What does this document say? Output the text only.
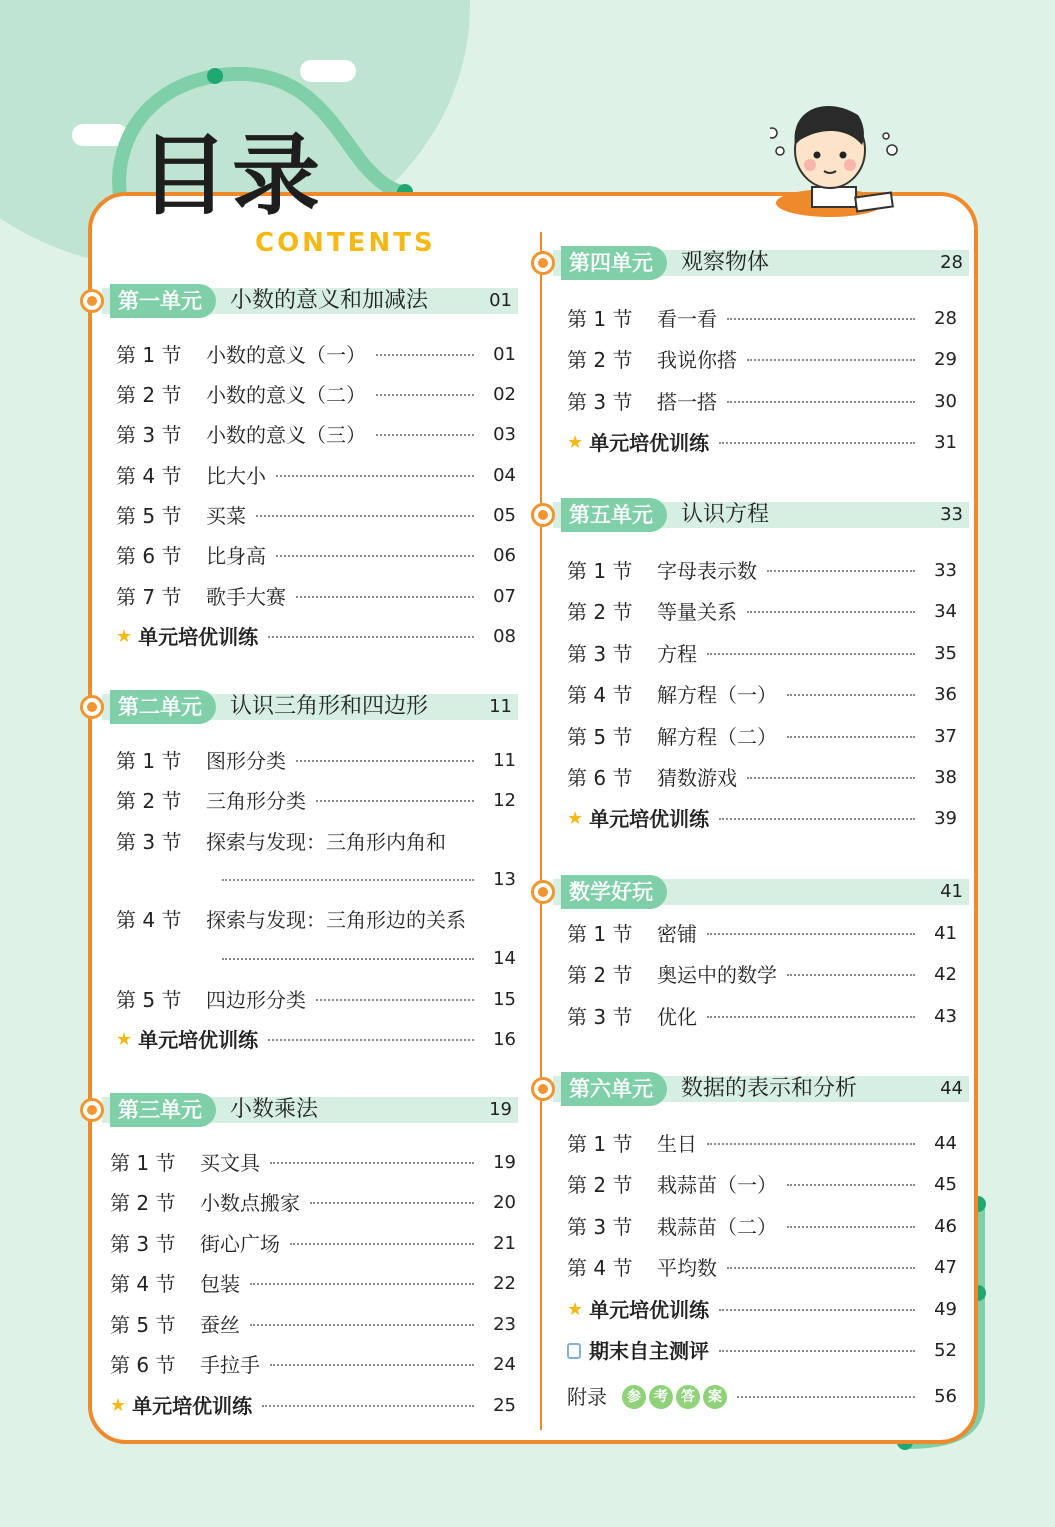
目录
CONTENTS
第一单元	小数的意义和加减法	01
第 1 节	小数的意义（一）	01
第 2 节	小数的意义（二）	02
第 3 节	小数的意义（三）	03
第 4 节	比大小	04
第 5 节	买菜	05
第 6 节	比身高	06
第 7 节	歌手大赛	07
★ 单元培优训练	08
第二单元	认识三角形和四边形	11
第 1 节	图形分类	11
第 2 节	三角形分类	12
第 3 节	探索与发现：三角形内角和
13
第 4 节	探索与发现：三角形边的关系
14
第 5 节	四边形分类	15
★ 单元培优训练	16
第三单元	小数乘法	19
第 1 节	买文具	19
第 2 节	小数点搬家	20
第 3 节	街心广场	21
第 4 节	包装	22
第 5 节	蚕丝	23
第 6 节	手拉手	24
★ 单元培优训练	25
第四单元	观察物体	28
第 1 节	看一看	28
第 2 节	我说你搭	29
第 3 节	搭一搭	30
★ 单元培优训练	31
第五单元	认识方程	33
第 1 节	字母表示数	33
第 2 节	等量关系	34
第 3 节	方程	35
第 4 节	解方程（一）	36
第 5 节	解方程（二）	37
第 6 节	猜数游戏	38
★ 单元培优训练	39
数学好玩	41
第 1 节	密铺	41
第 2 节	奥运中的数学	42
第 3 节	优化	43
第六单元	数据的表示和分析	44
第 1 节	生日	44
第 2 节	栽蒜苗（一）	45
第 3 节	栽蒜苗（二）	46
第 4 节	平均数	47
★ 单元培优训练	49
期末自主测评	52
附录	参 考 答 案	56
